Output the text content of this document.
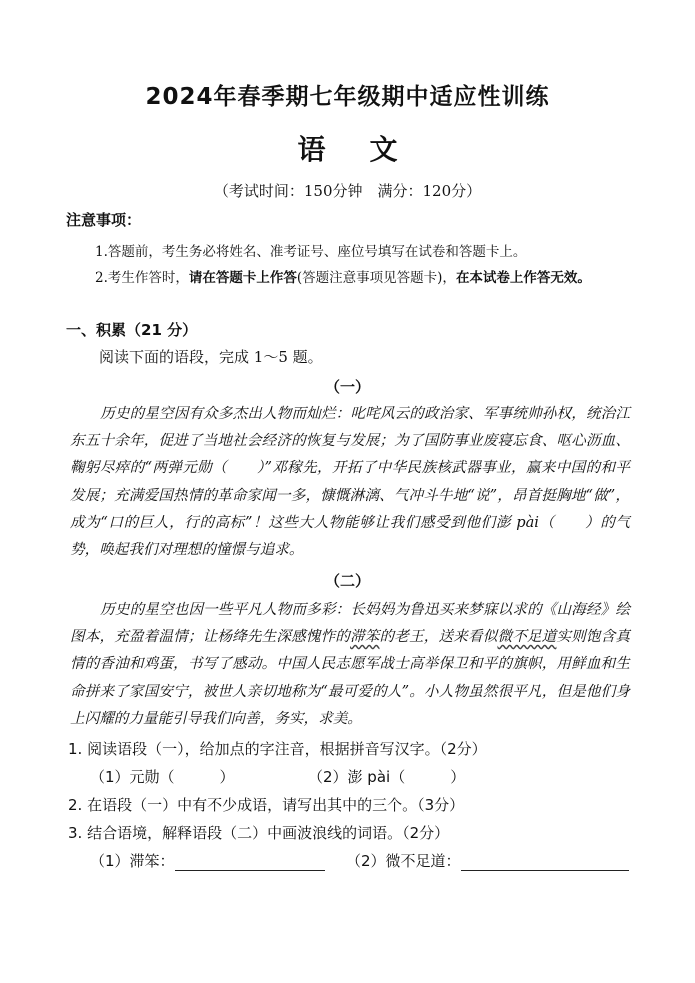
2024年春季期七年级期中适应性训练
语文
（考试时间：150分钟　满分：120分）
注意事项：
1.答题前，考生务必将姓名、准考证号、座位号填写在试卷和答题卡上。
2.考生作答时，请在答题卡上作答(答题注意事项见答题卡)，在本试卷上作答无效。
一、积累（21 分）
阅读下面的语段，完成 1～5 题。
（一）
历史的星空因有众多杰出人物而灿烂：叱咤风云的政治家、军事统帅孙权，统治江东五十余年，促进了当地社会经济的恢复与发展；为了国防事业废寝忘食、呕心沥血、鞠躬尽瘁的“两弹元勋（　　）”邓稼先，开拓了中华民族核武器事业，赢来中国的和平发展；充满爱国热情的革命家闻一多，慷慨淋漓、气冲斗牛地“说”，昂首挺胸地“做”，成为“口的巨人，行的高标”！这些大人物能够让我们感受到他们澎 pài（　　）的气势，唤起我们对理想的憧憬与追求。
（二）
历史的星空也因一些平凡人物而多彩：长妈妈为鲁迅买来梦寐以求的《山海经》绘图本，充盈着温情；让杨绛先生深感愧怍的滞笨的老王，送来看似微不足道实则饱含真情的香油和鸡蛋，书写了感动。中国人民志愿军战士高举保卫和平的旗帜，用鲜血和生命拼来了家国安宁，被世人亲切地称为“最可爱的人”。小人物虽然很平凡，但是他们身上闪耀的力量能引导我们向善，务实，求美。
1. 阅读语段（一），给加点的字注音，根据拼音写汉字。（2分）
（1）元勋（　　　）	（2）澎 pài（　　　）
2. 在语段（一）中有不少成语，请写出其中的三个。（3分）
3. 结合语境，解释语段（二）中画波浪线的词语。（2分）
（1）滞笨：	（2）微不足道：
